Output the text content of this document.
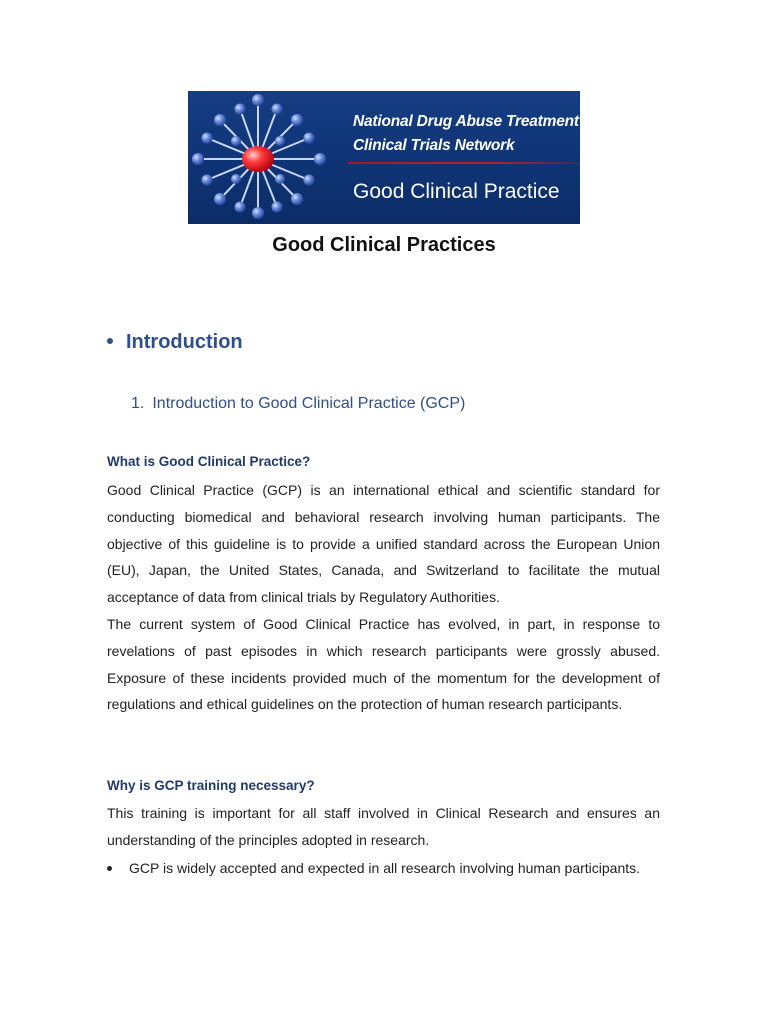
National Drug Abuse Treatment
Clinical Trials Network
Good Clinical Practice
Good Clinical Practices
Introduction
1. Introduction to Good Clinical Practice (GCP)
What is Good Clinical Practice?
Good Clinical Practice (GCP) is an international ethical and scientific standard for conducting biomedical and behavioral research involving human participants. The objective of this guideline is to provide a unified standard across the European Union (EU), Japan, the United States, Canada, and Switzerland to facilitate the mutual acceptance of data from clinical trials by Regulatory Authorities.
The current system of Good Clinical Practice has evolved, in part, in response to revelations of past episodes in which research participants were grossly abused. Exposure of these incidents provided much of the momentum for the development of regulations and ethical guidelines on the protection of human research participants.
Why is GCP training necessary?
This training is important for all staff involved in Clinical Research and ensures an understanding of the principles adopted in research.
GCP is widely accepted and expected in all research involving human participants.
